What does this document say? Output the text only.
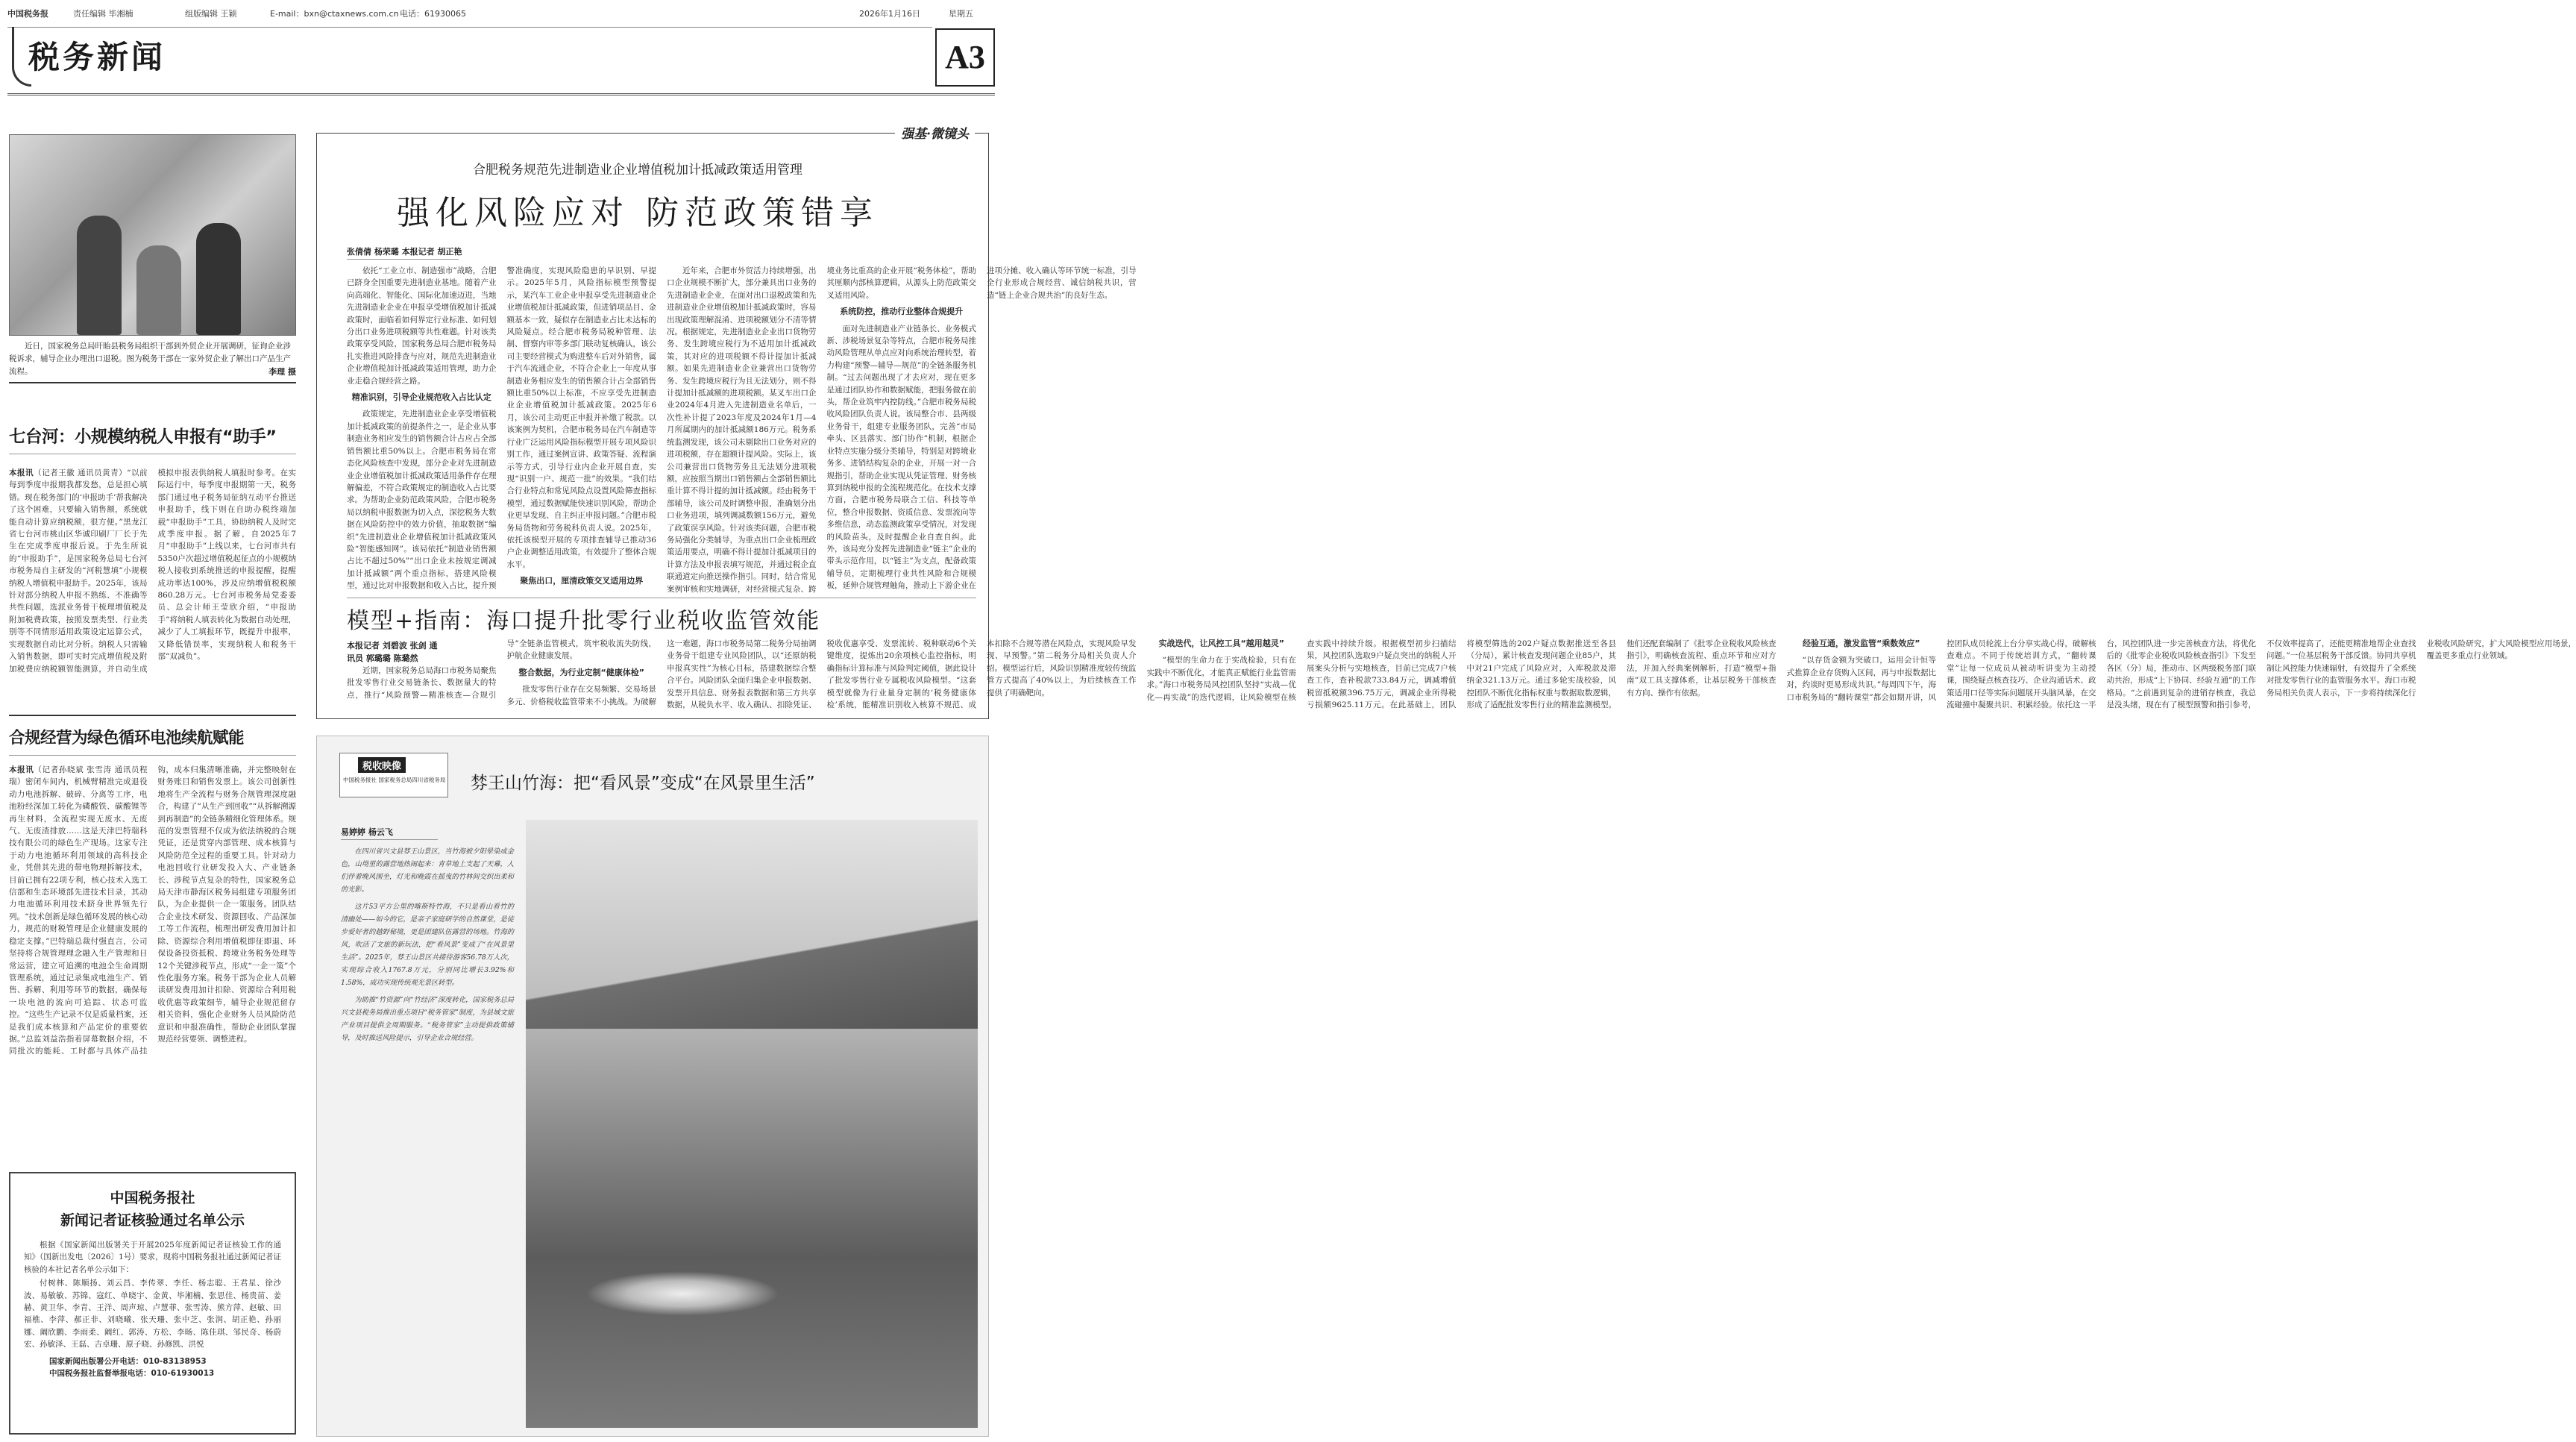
中国税务报	责任编辑 毕湘楠	组版编辑 王颖	E-mail：bxn@ctaxnews.com.cn 电话：61930065	2026年1月16日	星期五
税务新闻	A3
近日，国家税务总局旰眙县税务局组织干部到外贸企业开展调研，征询企业涉税诉求，辅导企业办理出口退税。图为税务干部在一家外贸企业了解出口产品生产流程。	李理 摄
七台河：小规模纳税人申报有“助手”
本报讯（记者王徽 通讯员黄青）“以前每到季度申报期我都发愁，总是担心填错。现在税务部门的‘申报助手’帮我解决了这个困难，只要输入销售额，系统就能自动计算应纳税额，很方便。”黑龙江省七台河市桃山区华诚印刷厂厂长于先生在完成季度申报后说。于先生所说的“申报助手”，是国家税务总局七台河市税务局自主研发的“河税慧填”小规模纳税人增值税申报助手。2025年，该局针对部分纳税人申报不熟练、不准确等共性问题，选派业务骨干梳理增值税及附加税费政策，按照发票类型、行业类别等不同情形适用政策设定运算公式，实现数据自动比对分析。纳税人只需输入销售数据，即可实时完成增值税及附加税费应纳税额智能测算，并自动生成模拟申报表供纳税人填报时参考。在实际运行中，每季度申报期第一天，税务部门通过电子税务局征纳互动平台推送申报助手，线下则在自助办税终端加载“申报助手”工具，协助纳税人及时完成季度申报。据了解，自2025年7月“申报助手”上线以来，七台河市共有5350户次超过增值税起征点的小规模纳税人接收到系统推送的申报提醒，提醒成功率达100%，涉及应纳增值税税额860.28万元。七台河市税务局党委委员、总会计师王莹欣介绍，“申报助手”将纳税人填表转化为数据自动处理，减少了人工填报环节，既提升申报率，又降低错误率，实现纳税人和税务干部“双减负”。
合规经营为绿色循环电池续航赋能
本报讯（记者孙晓斌 张雪涛 通讯员程瑞）密闭车间内，机械臂精准完成退役动力电池拆解、破碎、分离等工序，电池粉经深加工转化为磷酸铁、碳酸锂等再生材料，全流程实现无废水、无废气、无废渣排放……这是天津巴特瑞科技有限公司的绿色生产现场。这家专注于动力电池循环利用领域的高科技企业，凭借其先进的带电物理拆解技术，目前已拥有22项专利，核心技术入选工信部和生态环境部先进技术目录，其动力电池循环利用技术跻身世界领先行列。“技术创新是绿色循环发展的核心动力，规范的财税管理是企业健康发展的稳定支撑。”巴特瑞总裁付强直言，公司坚持将合规管理理念融入生产管理和日常运营，建立可追溯的电池全生命周期管理系统，通过记录集成电池生产、销售、拆解、利用等环节的数据，确保每一块电池的流向可追踪、状态可监控。“这些生产记录不仅是质量档案，还是我们成本核算和产品定价的重要依据。”总监刘益浩指着屏幕数据介绍，不同批次的能耗、工时都与具体产品挂钩，成本归集清晰准确，并完整映射在财务账目和销售发票上。该公司创新性地将生产全流程与财务合规管理深度融合，构建了“从生产到回收”“从拆解溯源到再制造”的全链条精细化管理体系。规范的发票管理不仅成为依法纳税的合规凭证，还是贯穿内部管理、成本核算与风险防范全过程的重要工具。针对动力电池回收行业研发投入大、产业链条长、涉税节点复杂的特性，国家税务总局天津市静海区税务局组建专项服务团队，为企业提供一企一策服务。团队结合企业技术研发、资源回收、产品深加工等工作流程，梳理出研发费用加计扣除、资源综合利用增值税即征即退、环保设备投资抵税、跨境业务税务处理等12个关键涉税节点，形成“一企一策”个性化服务方案。税务干部为企业人员解读研发费用加计扣除、资源综合利用税收优惠等政策细节，辅导企业规范留存相关资料，强化企业财务人员风险防范意识和申报准确性，帮助企业团队掌握规范经营要领、调整进程。
中国税务报社
新闻记者证核验通过名单公示
根据《国家新闻出版署关于开展2025年度新闻记者证核验工作的通知》（国新出发电〔2026〕1号）要求，现将中国税务报社通过新闻记者证核验的本社记者名单公示如下：
付树林、陈顺扬、刘云昌、李传翠、李任、杨志聪、王君星、徐沙波、易敏敏、苏锦、寇红、单晓宇、金黄、毕湘楠、张思佳、杨贵苗、姜赫、黄卫华、李青、王洋、周声琼、卢慧菲、张雪涛、熊方萍、赵敏、田福樵、李萍、郝正非、刘晓曦、张天珊、张中芝、张润、胡正艳、孙丽娜、阚欣鹏、李雨柔、阚红、郭涛、方松、李旸、陈佳琪、邹民奇、杨蔚宏、孙敏泽、王磊、吉卓珊、原子晓、孙修凯、洪悦
国家新闻出版署公开电话：010-83138953
中国税务报社监督举报电话：010-61930013
强基·微镜头
合肥税务规范先进制造业企业增值税加计抵减政策适用管理
强化风险应对 防范政策错享
张倩倩 杨荣璐 本报记者 胡正艳

依托“工业立市、制造强市”战略，合肥已跻身全国重要先进制造业基地。随着产业向高端化、智能化、国际化加速迈进，当地先进制造业企业在申报享受增值税加计抵减政策时，面临着如何界定行业标准、如何划分出口业务进项税额等共性难题。针对该类政策享受风险，国家税务总局合肥市税务局扎实推进风险排查与应对，规范先进制造业企业增值税加计抵减政策适用管理，助力企业走稳合规经营之路。

精准识别，引导企业规范收入占比认定

政策规定，先进制造业企业享受增值税加计抵减政策的前提条件之一，是企业从事制造业务相应发生的销售额合计占应占全部销售额比重50%以上。合肥市税务局在常态化风险核查中发现，部分企业对先进制造业企业增值税加计抵减政策适用条件存在理解偏差，不符合政策规定的制造收入占比要求。为帮助企业防范政策风险，合肥市税务局以纳税申报数据为切入点，深挖税务大数据在风险防控中的效力价值，抽取数据“编织”先进制造业企业增值税加计抵减政策风险“智能感知网”。该局依托“制造业销售额占比不超过50%”“出口企业未按规定调减加计抵减额”两个重点指标，搭建风险模型，通过比对申报数据和收入占比，提升预警准确度，实现风险隐患的早识别、早提示。2025年5月，风险指标模型预警提示，某汽车工业企业申报享受先进制造业企业增值税加计抵减政策，但进销项品目、金额基本一致，疑似存在制造业占比未达标的风险疑点。经合肥市税务局税种管理、法制、督察内审等多部门联动复核确认，该公司主要经营模式为购进整车后对外销售，属于汽车流通企业，不符合企业上一年度从事制造业务相应发生的销售额合计占全部销售额比重50%以上标准，不应享受先进制造业企业增值税加计抵减政策。2025年6月，该公司主动更正申报并补缴了税款。以该案例为契机，合肥市税务局在汽车制造等行业广泛运用风险指标模型开展专项风险识别工作，通过案例宣讲、政策答疑、流程演示等方式，引导行业内企业开展自查，实现“识别一户、规范一批”的效果。“我们结合行业特点和常见风险点设置风险筛查指标模型，通过数据赋能快速识别风险，帮助企业更早发现、自主纠正申报问题。”合肥市税务局货物和劳务税科负责人说。2025年，依托该模型开展的专项排查辅导已推动36户企业调整适用政策，有效提升了整体合规水平。

聚焦出口，厘清政策交叉适用边界

近年来，合肥市外贸活力持续增强，出口企业规模不断扩大，部分兼具出口业务的先进制造业企业，在面对出口退税政策和先进制造业企业增值税加计抵减政策时，容易出现政策理解混淆、进项税额划分不清等情况。根据规定，先进制造业企业出口货物劳务、发生跨境应税行为不适用加计抵减政策，其对应的进项税额不得计提加计抵减额。如果先进制造业企业兼营出口货物劳务、发生跨境应税行为且无法划分，则不得计提加计抵减额的进项税额。某叉车出口企业2024年4月进入先进制造业名单后，一次性补计提了2023年度及2024年1月—4月所属期内的加计抵减额186万元。税务系统监测发现，该公司未剔除出口业务对应的进项税额，存在超额计提风险。实际上，该公司兼营出口货物劳务且无法划分进项税额，应按照当期出口销售额占全部销售额比重计算不得计提的加计抵减额。经由税务干部辅导，该公司及时调整申报，准确划分出口业务进项，填列调减数额156万元，避免了政策误享风险。针对该类问题，合肥市税务局强化分类辅导，为重点出口企业梳理政策适用要点，明确不得计提加计抵减项目的计算方法及申报表填写规范，并通过税企直联通道定向推送操作指引。同时，结合常见案例审核和实地调研，对经营模式复杂、跨境业务比重高的企业开展“税务体检”，帮助其厘顺内部核算逻辑，从源头上防范政策交叉适用风险。

系统防控，推动行业整体合规提升

面对先进制造业产业链条长、业务模式新、涉税场景复杂等特点，合肥市税务局推动风险管理从单点应对向系统治理转型，着力构建“预警—辅导—规范”的全链条服务机制。“过去问题出现了才去应对，现在更多是通过团队协作和数据赋能，把服务做在前头，帮企业筑牢内控防线。”合肥市税务局税收风险团队负责人说。该局整合市、县两级业务骨干，组建专业服务团队，完善“市局牵头、区县落实、部门协作”机制，根据企业特点实施分级分类辅导，特别是对跨境业务多、进销结构复杂的企业，开展一对一合规指引，帮助企业实现从凭证管理、财务核算到纳税申报的全流程规范化。在技术支撑方面，合肥市税务局联合工信、科技等单位，整合申报数据、资质信息、发票流向等多维信息，动态监测政策享受情况，对发现的风险苗头，及时提醒企业自查自纠。此外，该局充分发挥先进制造业“链主”企业的带头示范作用，以“链主”为支点，配备政策辅导员，定期梳理行业共性风险和合规模板，延伸合规管理触角，推动上下游企业在进项分摊、收入确认等环节统一标准，引导全行业形成合规经营、诚信纳税共识，营造“链上企业合规共治”的良好生态。

模型+指南：海口提升批零行业税收监管效能
本报记者 刘碧波 张剑 通讯员 郭璐璐 陈璐然

近期，国家税务总局海口市税务局聚焦批发零售行业交易链条长、数据量大的特点，推行“风险预警—精准核查—合规引导”全链条监管模式，筑牢税收流失防线，护航企业健康发展。

整合数据，为行业定制“健康体检”

批发零售行业存在交易频繁、交易场景多元、价格税收监管带来不小挑战。为破解这一难题，海口市税务局第二税务分局抽调业务骨干组建专业风险团队，以“还原纳税申报真实性”为核心目标，搭建数据综合整合平台。风险团队全面归集企业申报数据、发票开具信息、财务报表数据和第三方共享数据，从税负水平、收入确认、扣除凭证、税收优惠享受、发票流转、税种联动6个关键维度，提炼出20余项核心监控指标，明确指标计算标准与风险判定阈值，据此设计了批发零售行业专属税收风险模型。“这套模型就像为行业量身定制的‘税务健康体检’系统，能精准识别收入核算不规范、成本扣除不合规等潜在风险点，实现风险早发现、早预警。”第二税务分局相关负责人介绍。模型运行后，风险识别精准度较传统监管方式提高了40%以上，为后续核查工作提供了明确靶向。

实战迭代，让风控工具“越用越灵”

“模型的生命力在于实战检验，只有在实践中不断优化，才能真正赋能行业监管需求。”海口市税务局风控团队坚持“实战—优化—再实战”的迭代逻辑，让风险模型在核查实践中持续升级。根据模型初步扫描结果，风控团队选取9户疑点突出的纳税人开展案头分析与实地核查，目前已完成7户核查工作，查补税款733.84万元，调减增值税留抵税额396.75万元，调减企业所得税亏损额9625.11万元。在此基础上，团队将模型筛选的202户疑点数据推送至各县（分局），累计核查发现问题企业85户，其中对21户完成了风险应对，入库税款及滞纳金321.13万元。通过多轮实战校验，风控团队不断优化指标权重与数据取数逻辑，形成了适配批发零售行业的精准监测模型。他们还配套编制了《批零企业税收风险核查指引》，明确核查流程、重点环节和应对方法，并加入经典案例解析，打造“模型+指南”双工具支撑体系，让基层税务干部核查有方向、操作有依据。

经验互通，激发监管“乘数效应”

“以存货金额为突破口，运用会计恒等式推算企业存货购入区间，再与申报数据比对，约谈时更易形成共识。”每周四下午，海口市税务局的“翻转课堂”都会如期开讲，风控团队成员轮流上台分享实战心得，破解核查难点。不同于传统培训方式，“翻转课堂”让每一位成员从被动听讲变为主动授课，围绕疑点核查技巧、企业沟通话术、政策适用口径等实际问题展开头脑风暴，在交流碰撞中凝聚共识、积累经验。依托这一平台，风控团队进一步完善核查方法，将优化后的《批零企业税收风险核查指引》下发至各区（分）局，推动市、区两级税务部门联动共治，形成“上下协同、经验互通”的工作格局。“之前遇到复杂的进销存核查，我总是没头绪，现在有了模型预警和指引参考，不仅效率提高了，还能更精准地帮企业查找问题。”一位基层税务干部反馈。协同共享机制让风控能力快速辐射，有效提升了全系统对批发零售行业的监管服务水平。海口市税务局相关负责人表示，下一步将持续深化行业税收风险研究，扩大风险模型应用场景，覆盖更多重点行业领域。

税收映像
中国税务报社 国家税务总局四川省税务局 棼王山竹海：把“看风景”变成“在风景里生活”
易婷婷 杨云飞

在四川省兴文县棼王山景区，当竹海被夕阳晕染成金色，山坳里的露营地热闹起来：青草地上支起了天幕，人们伴着晚风围坐，灯光和晚霞在摇曳的竹林间交织出柔和的光影。

这片53平方公里的喀斯特竹海，不只是看山看竹的清幽处——如今的它，是亲子家庭研学的自然课堂，是徒步爱好者的越野秘境，更是团建队伍露营的场地。竹海的风，吹活了文旅的新玩法，把“看风景”变成了“在风景里生活”。2025年，棼王山景区共接待游客56.78万人次，实现综合收入1767.8万元，分别同比增长3.92%和1.58%，成功实现传统观光景区转型。

为助推“竹资源”向“竹经济”深度转化，国家税务总局兴文县税务局推出重点项目“税务管家”制度，为县域文旅产业项目提供全周期服务。“税务管家”主动提供政策辅导，及时推送风险提示，引导企业合规经营。
